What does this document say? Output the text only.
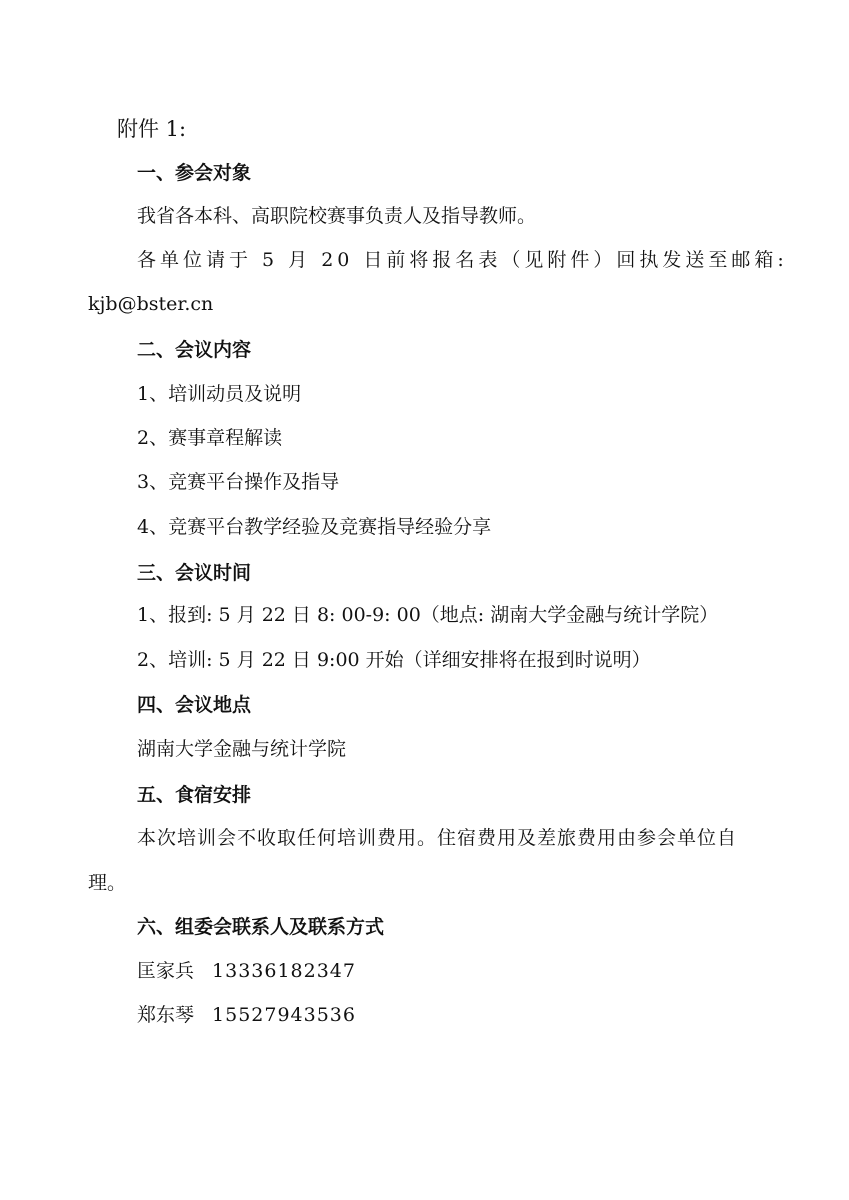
附件 1:
一、参会对象
我省各本科、高职院校赛事负责人及指导教师。
各单位请于 5 月 20 日前将报名表（见附件）回执发送至邮箱:
kjb@bster.cn
二、会议内容
1、培训动员及说明
2、赛事章程解读
3、竞赛平台操作及指导
4、竞赛平台教学经验及竞赛指导经验分享
三、会议时间
1、报到: 5 月 22 日 8: 00-9: 00（地点: 湖南大学金融与统计学院）
2、培训: 5 月 22 日 9:00 开始（详细安排将在报到时说明）
四、会议地点
湖南大学金融与统计学院
五、食宿安排
本次培训会不收取任何培训费用。住宿费用及差旅费用由参会单位自
理。
六、组委会联系人及联系方式
匡家兵 13336182347
郑东琴 15527943536
